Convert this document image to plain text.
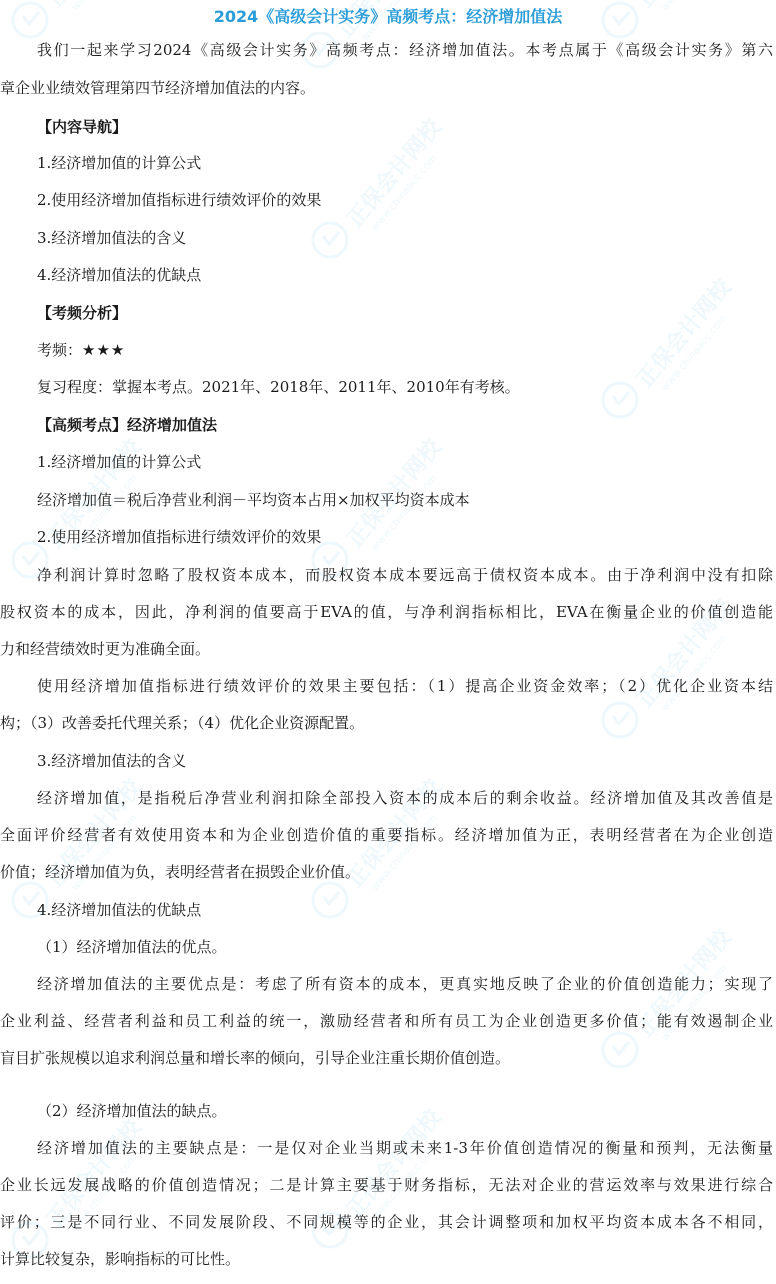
2024《高级会计实务》高频考点：经济增加值法
我们一起来学习2024《高级会计实务》高频考点：经济增加值法。本考点属于《高级会计实务》第六
章企业业绩效管理第四节经济增加值法的内容。
【内容导航】
1.经济增加值的计算公式
2.使用经济增加值指标进行绩效评价的效果
3.经济增加值法的含义
4.经济增加值法的优缺点
【考频分析】
考频：★★★
复习程度：掌握本考点。2021年、2018年、2011年、2010年有考核。
【高频考点】经济增加值法
1.经济增加值的计算公式
经济增加值＝税后净营业利润－平均资本占用×加权平均资本成本
2.使用经济增加值指标进行绩效评价的效果
净利润计算时忽略了股权资本成本，而股权资本成本要远高于债权资本成本。由于净利润中没有扣除
股权资本的成本，因此，净利润的值要高于EVA的值，与净利润指标相比，EVA在衡量企业的价值创造能
力和经营绩效时更为准确全面。
使用经济增加值指标进行绩效评价的效果主要包括：（1）提高企业资金效率；（2）优化企业资本结
构；（3）改善委托代理关系；（4）优化企业资源配置。
3.经济增加值法的含义
经济增加值，是指税后净营业利润扣除全部投入资本的成本后的剩余收益。经济增加值及其改善值是
全面评价经营者有效使用资本和为企业创造价值的重要指标。经济增加值为正，表明经营者在为企业创造
价值；经济增加值为负，表明经营者在损毁企业价值。
4.经济增加值法的优缺点
（1）经济增加值法的优点。
经济增加值法的主要优点是：考虑了所有资本的成本，更真实地反映了企业的价值创造能力；实现了
企业利益、经营者利益和员工利益的统一，激励经营者和所有员工为企业创造更多价值；能有效遏制企业
盲目扩张规模以追求利润总量和增长率的倾向，引导企业注重长期价值创造。
（2）经济增加值法的缺点。
经济增加值法的主要缺点是：一是仅对企业当期或未来1-3年价值创造情况的衡量和预判，无法衡量
企业长远发展战略的价值创造情况；二是计算主要基于财务指标，无法对企业的营运效率与效果进行综合
评价；三是不同行业、不同发展阶段、不同规模等的企业，其会计调整项和加权平均资本成本各不相同，
计算比较复杂，影响指标的可比性。
